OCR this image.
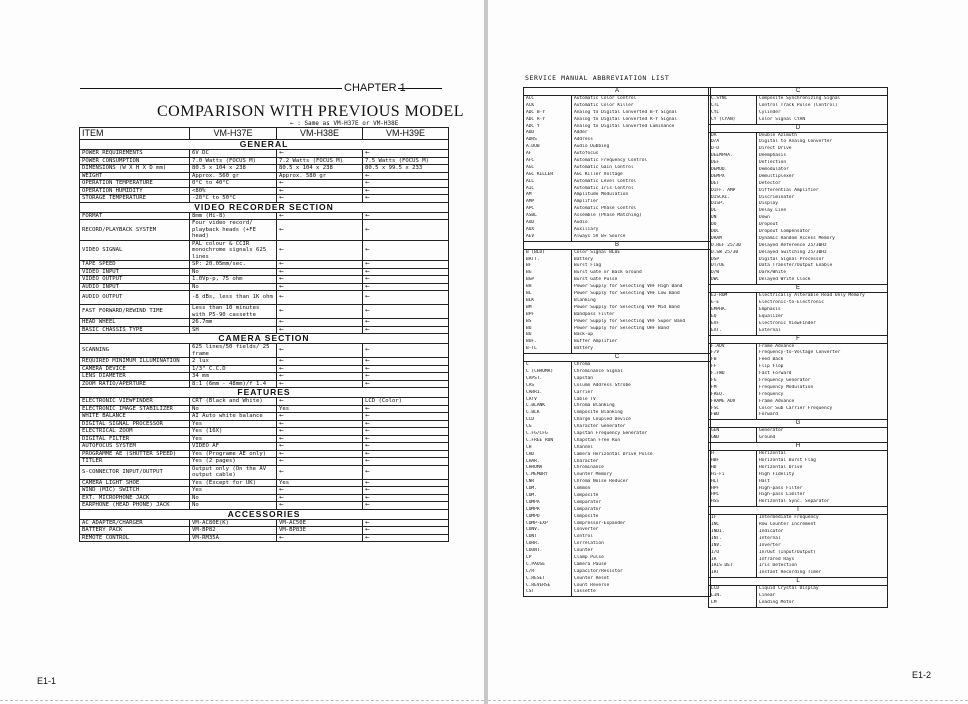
CHAPTER 1
COMPARISON WITH PREVIOUS MODEL
← : Same as VM-H37E or VM-H38E
ITEM	VM-H37E	VM-H38E	VM-H39E
GENERAL			
POWER REQUIREMENTS	6V DC	←	←
POWER CONSUMPTION	7.0 Watts (FOCUS M)	7.2 Watts (FOCUS M)	7.5 Watts (FOCUS M)
DIMENSIONS (W X H X D mm)	80.5 x 104 x 238	80.5 x 104 x 238	80.5 x 99.5 x 233
WEIGHT	Approx. 560 gr	Approx. 580 gr	←
OPERATION TEMPERATURE	0°C to 40°C	←	←
OPERATION HUMIDITY	<80%	←	←
STORAGE TEMPERATURE	-20°C to 50°C	←	←
VIDEO RECORDER SECTION			
FORMAT	8mm (Hi-8)	←	←
RECORD/PLAYBACK SYSTEM	Four video record/ playback heads (+FE head)	←	←
VIDEO SIGNAL	PAL colour & CCIR monochrome signals 625 lines	←	←
TAPE SPEED	SP: 20.05mm/sec.	←	←
VIDEO INPUT	No	←	←
VIDEO OUTPUT	1.0Vp-p, 75 ohm	←	←
AUDIO INPUT	No	←	←
AUDIO OUTPUT	-8 dBs, less than 1K ohm	←	←
FAST FORWARD/REWIND TIME	Less than 10 minutes with P5-90 cassette	←	←
HEAD WHEEL	26.7mm	←	←
BASIC CHASSIS TYPE	SH	←	←
CAMERA SECTION			
SCANNING	625 lines/50 fields/ 25 frame	←	←
REQUIRED MINIMUM ILLUMINATION	2 lux	←	←
CAMERA DEVICE	1/3" C.C.D	←	←
LENS DIAMETER	34 mm	←	←
ZOOM RATIO/APERTURE	8:1 (6mm - 48mm)/f 1.4	←	←
FEATURES			
ELECTRONIC VIEWFINDER	CRT (Black and White)	←	LCD (Color)
ELECTRONIC IMAGE STABILIZER	No	Yes	←
WHITE BALANCE	AI Auto white balance	←	←
DIGITAL SIGNAL PROCESSOR	Yes	←	←
ELECTRICAL ZOOM	Yes (16X)	←	←
DIGITAL FILTER	Yes	←	←
AUTOFOCUS SYSTEM	VIDEO AF	←	←
PROGRAMME AE (SHUTTER SPEED)	Yes (Programe AE only)	←	←
TITLER	Yes (2 pages)	←	←
S-CONNECTOR INPUT/OUTPUT	Output only (On the AV output cable)	←	←
CAMERA LIGHT SHOE	Yes (Except for UK)	Yes	←
WIND (MIC) SWITCH	Yes	←	←
EXT. MICROPHONE JACK	No	←	←
EARPHONE (HEAD PHONE) JACK	No	←	←
ACCESSORIES			
AC ADAPTER/CHARGER	VM-AC80E(K)	VM-AC50E	←
BATTERY PACK	VM-BP82	VM-BP83E	←
REMOTE CONTROL	VM-RM35A	←	←
E1-1
SERVICE MANUAL ABBREVIATION LIST
A
ACC	Automatic Color Control
ACK	Automatic Color Killer
ADC B-Y	Analog to Digital Converted B-Y Signal
ADC R-Y	Analog to Digital Converted R-Y Signal
ADC Y	Analog to Digital Converted Luminance
ADD	Adder
ADRS	Address
A.DUB	Audio Dubbing
AF	Autofocus
AFC	Automatic Frequency Control
AGC	Automatic Gain Control
AGC KILLER	AGC Killer Voltage
ALC	Automatic Level Control
AIC	Automatic Iris Control
AM	Amplitude Modulation
AMP	Amplifier
APC	Automatic Phase Control
ASBL	Assemble (Phase Matching)
AUD	Audio
AUX	Auxiliary
AEV	Always 5V B+ Source
B
B (BLU)	Color Signal BLUE
BATT.	Battery
BF	Burst Flag
BG	Burst Gate or Back Ground
BGP	Burst Gate Pulse
BH	Power Supply for Selecting VHF High Band
BL	Power Supply for Selecting VHF Low Band
BLK	Blanking
BM	Power Supply for Selecting VHF Mid Band
BPF	Bandpass Filter
BS	Power Supply for Selecting VHF Super Band
BU	Power Supply for Selecting UHF Band
BU	Back-up
BUF.	Buffer Amplifier
B-TL	Battery
C
C	Chroma
C (CHROMA)	Chrominance Signal
CAPST.	Capstan
CAS	Column Address Strobe
CARRI.	Carrier
CATV	Cable TV
C.BLANK	Chroma Blanking
C.BLK	Composite Blanking
CCD	Charge Coupled Device
CG	Character Generator
C.FG/CFG	Capstan Frequency Generator
C.FREE RUN	Chapstan Free Run
CH	Channel
CHD	Camera Horizontal Drive Pulse
CHAR.	Character
CHROMA	Chrominance
C.MEMORY	Counter Memory
CNR	Chroma Noise Reducer
COM.	Common
COM.	Composite
COMPA	Comparator
COMPR	Comparator
COMPO	Composite
COMP-EXP	Compressor-Expander
CONV.	Converter
CONT	Control
CORR.	Correlation
COUNT.	Counter
CP	Clamp Pulse
C.PAUSE	Camera Pause
C/R	Capacitor/Resistor
C.RESET	Counter Reset
C.REVERSE	Count Reverse
CST	Cassette
C
C.SYNC	Composite Synchronizing Signal
CTL	Control Track Pulse (Control)
CYL	Cylinder
CY (CYAN)	Color Signal CYAN
D
DA	Double Azimuth
D/A	Digital to Analog Converter
D-D	Direct Drive
DEEMPHA.	Deemphasis
DEF	Deflection
DEMOD.	Demodulator
DEMPX	Demultiplexer
DET	Detector
DIFF. AMP	Differential Amplifier
DISCRI.	Discriminator
DISP.	Display
DL	Delay Line
DN	Down
DO	Dropout
DOC	Dropout Compensator
DRAM	Dynamic Random Access Memory
D.REF 25/30	Delayed Reference 25/30Hz
D.SW 25/30	Delayed Switching 25/30Hz
DSP	Digital Signal Processor
DT/OE	Data Transfer/Output Enable
D/W	Dark/White
DWC	Delayed Write Clock
E
E2-ROM	Electrically Alterable Read Only Memory
E-E	Electronic-to-Electronic
EMPHA.	Emphasis
EQ	Equalizer
EVF	Electronic ViewFinder
EXT.	External
F
F.ADV	Frame Advance
F/V	Frequency-to-Voltage Converter
FB	Feed Back
FF	Flip Flop
F.FWD	Fast Forward
FG	Frequency Generator
FM	Frequency Modulation
FREQ.	Frequency
FRAME ADV	Frame Advance
FSC	Color Sub Carrier Frequency
FWD	Forward
G
GEN	Generator
GND	Ground
H
H	Horizontal
HBF	Horizontal Burst Flag
HD	Horizontal Drive
Hi-Fi	High Fidelity
HLT	Halt
HPF	High-pass Filter
HPL	High-pass Limiter
HSS	Horizontal Sync. Separator
I
IF	Intermediate Frequency
INC	Row Counter Increment
INDI.	Indicator
INT.	Internal
INV.	Inverter
I/O	In/Out (Input/Output)
IR	Infrared Rays
IRIS DET	Iris Detection
IRT	Instant Recording Timer
L
LCD	Liquid Crystal Display
LIN.	Linear
LM	Loading Motor
E1-2
